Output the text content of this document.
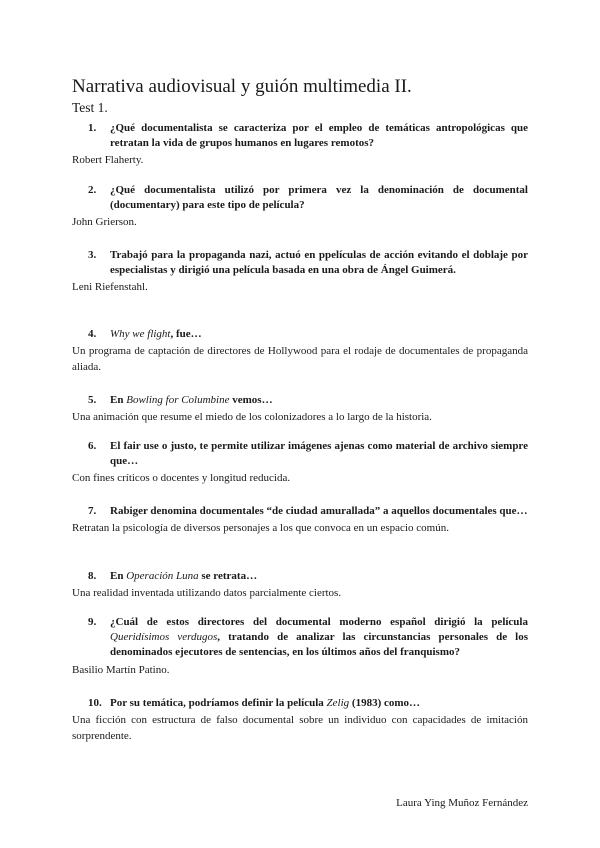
Narrativa audiovisual y guión multimedia II.
Test 1.
1. ¿Qué documentalista se caracteriza por el empleo de temáticas antropológicas que retratan la vida de grupos humanos en lugares remotos?
Robert Flaherty.
2. ¿Qué documentalista utilizó por primera vez la denominación de documental (documentary) para este tipo de película?
John Grierson.
3. Trabajó para la propaganda nazi, actuó en ppelículas de acción evitando el doblaje por especialistas y dirigió una película basada en una obra de Ángel Guimerá.
Leni Riefenstahl.
4. Why we flight, fue…
Un programa de captación de directores de Hollywood para el rodaje de documentales de propaganda aliada.
5. En Bowling for Columbine vemos…
Una animación que resume el miedo de los colonizadores a lo largo de la historia.
6. El fair use o justo, te permite utilizar imágenes ajenas como material de archivo siempre que…
Con fines críticos o docentes y longitud reducida.
7. Rabiger denomina documentales “de ciudad amurallada” a aquellos documentales que…
Retratan la psicología de diversos personajes a los que convoca en un espacio común.
8. En Operación Luna se retrata…
Una realidad inventada utilizando datos parcialmente ciertos.
9. ¿Cuál de estos directores del documental moderno español dirigió la película Queridísimos verdugos, tratando de analizar las circunstancias personales de los denominados ejecutores de sentencias, en los últimos años del franquismo?
Basilio Martín Patino.
10. Por su temática, podríamos definir la película Zelig (1983) como…
Una ficción con estructura de falso documental sobre un individuo con capacidades de imitación sorprendente.
Laura Ying Muñoz Fernández
